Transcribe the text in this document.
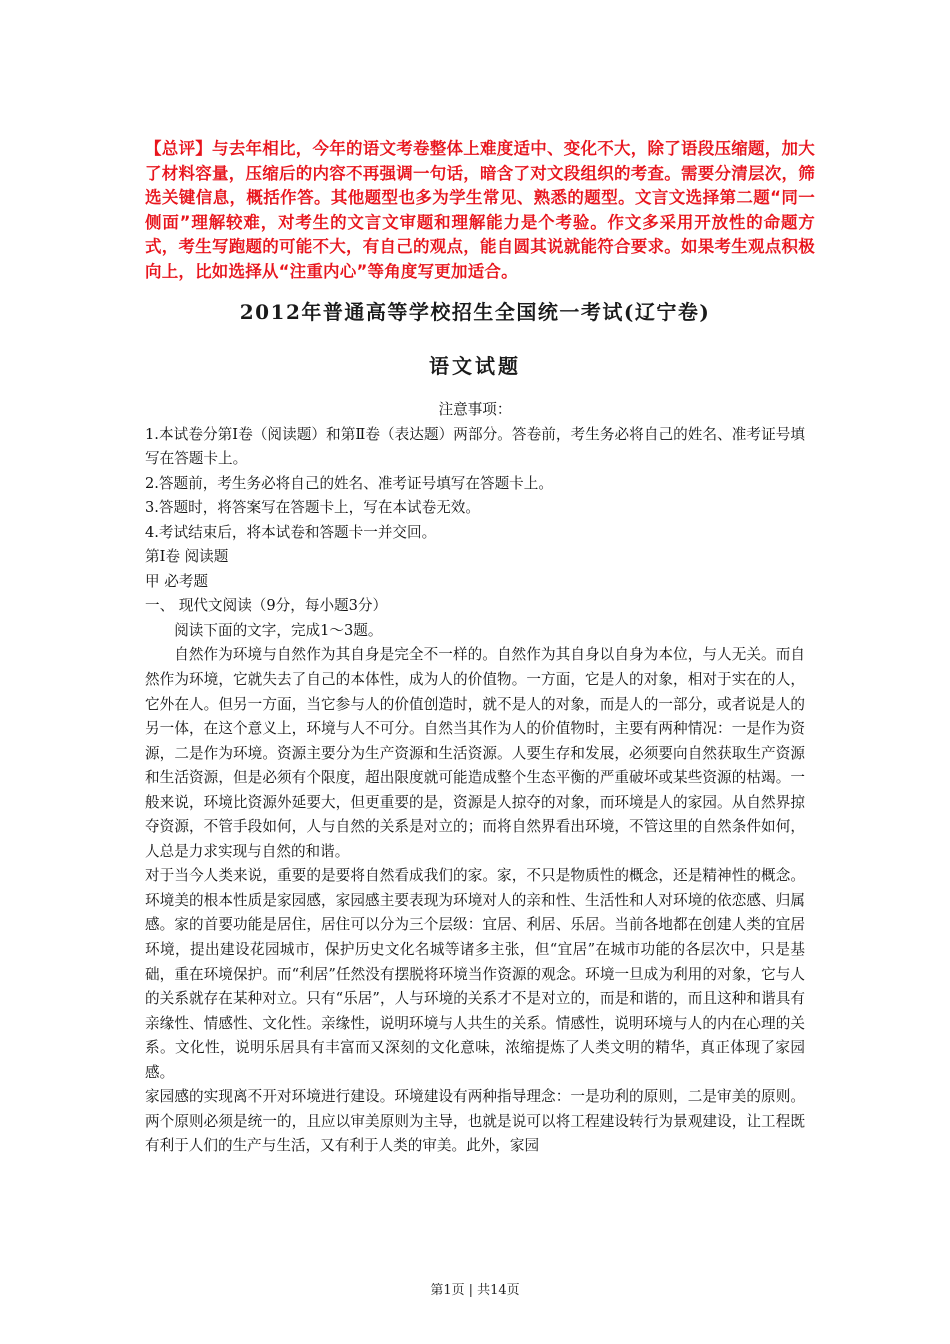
【总评】与去年相比，今年的语文考卷整体上难度适中、变化不大，除了语段压缩题，加大了材料容量，压缩后的内容不再强调一句话，暗含了对文段组织的考查。需要分清层次，筛选关键信息，概括作答。其他题型也多为学生常见、熟悉的题型。文言文选择第二题“同一侧面”理解较难，对考生的文言文审题和理解能力是个考验。作文多采用开放性的命题方式，考生写跑题的可能不大，有自己的观点，能自圆其说就能符合要求。如果考生观点积极向上，比如选择从“注重内心”等角度写更加适合。
2012年普通高等学校招生全国统一考试(辽宁卷)
语文试题

注意事项：

1.本试卷分第Ⅰ卷（阅读题）和第Ⅱ卷（表达题）两部分。答卷前，考生务必将自己的姓名、准考证号填写在答题卡上。

2.答题前，考生务必将自己的姓名、准考证号填写在答题卡上。

3.答题时，将答案写在答题卡上，写在本试卷无效。

4.考试结束后，将本试卷和答题卡一并交回。

第Ⅰ卷 阅读题

甲 必考题

一、 现代文阅读（9分，每小题3分）

阅读下面的文字，完成1～3题。

自然作为环境与自然作为其自身是完全不一样的。自然作为其自身以自身为本位，与人无关。而自然作为环境，它就失去了自己的本体性，成为人的价值物。一方面，它是人的对象，相对于实在的人，它外在人。但另一方面，当它参与人的价值创造时，就不是人的对象，而是人的一部分，或者说是人的另一体，在这个意义上，环境与人不可分。自然当其作为人的价值物时，主要有两种情况：一是作为资源，二是作为环境。资源主要分为生产资源和生活资源。人要生存和发展，必须要向自然获取生产资源和生活资源，但是必须有个限度，超出限度就可能造成整个生态平衡的严重破坏或某些资源的枯竭。一般来说，环境比资源外延要大，但更重要的是，资源是人掠夺的对象，而环境是人的家园。从自然界掠夺资源，不管手段如何，人与自然的关系是对立的；而将自然界看出环境，不管这里的自然条件如何，人总是力求实现与自然的和谐。

对于当今人类来说，重要的是要将自然看成我们的家。家，不只是物质性的概念，还是精神性的概念。环境美的根本性质是家园感，家园感主要表现为环境对人的亲和性、生活性和人对环境的依恋感、归属感。家的首要功能是居住，居住可以分为三个层级：宜居、利居、乐居。当前各地都在创建人类的宜居环境，提出建设花园城市，保护历史文化名城等诸多主张，但“宜居”在城市功能的各层次中，只是基础，重在环境保护。而“利居”任然没有摆脱将环境当作资源的观念。环境一旦成为利用的对象，它与人的关系就存在某种对立。只有“乐居”，人与环境的关系才不是对立的，而是和谐的，而且这种和谐具有亲缘性、情感性、文化性。亲缘性，说明环境与人共生的关系。情感性，说明环境与人的内在心理的关系。文化性，说明乐居具有丰富而又深刻的文化意味，浓缩提炼了人类文明的精华，真正体现了家园感。

家园感的实现离不开对环境进行建设。环境建设有两种指导理念：一是功利的原则，二是审美的原则。两个原则必须是统一的，且应以审美原则为主导，也就是说可以将工程建设转行为景观建设，让工程既有利于人们的生产与生活，又有利于人类的审美。此外，家园

第1页 | 共14页
